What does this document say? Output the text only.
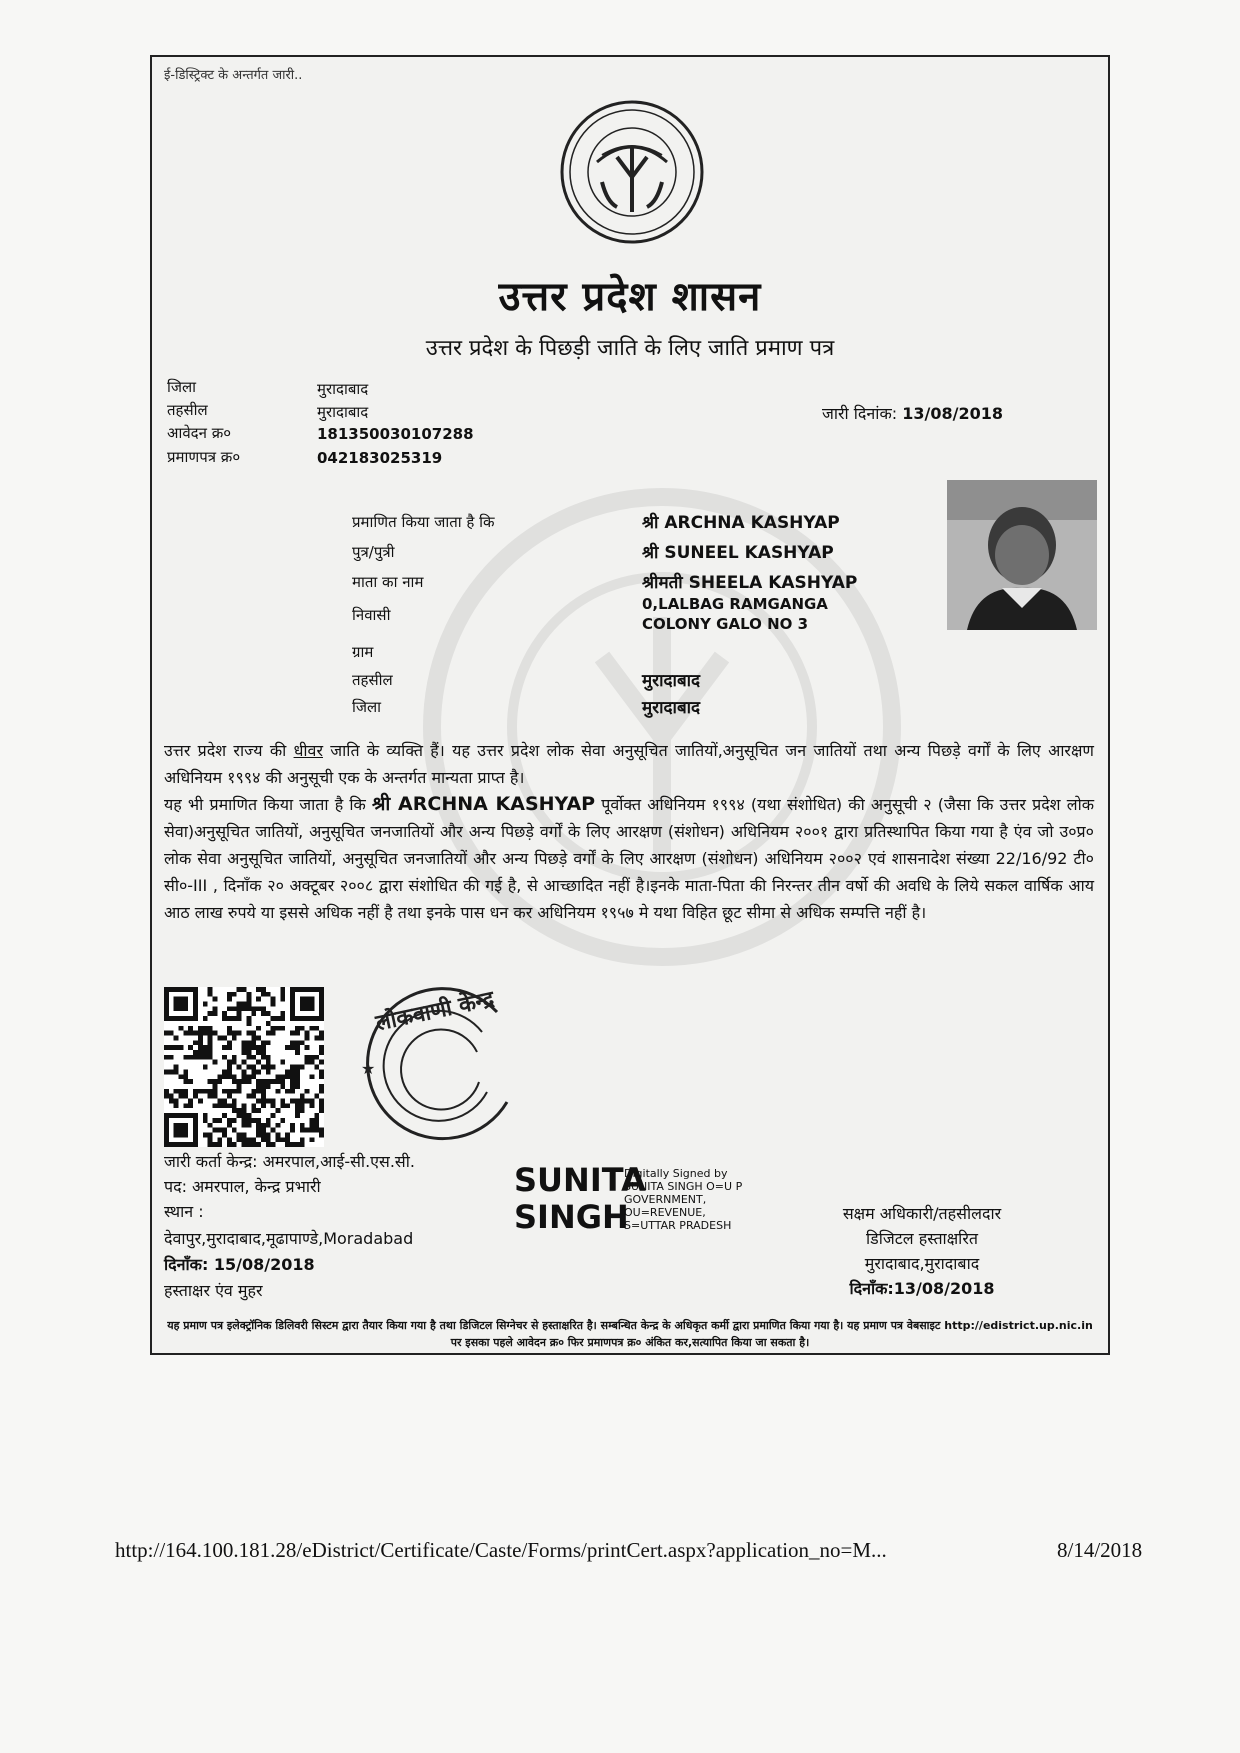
ई-डिस्ट्रिक्ट के अन्तर्गत जारी..
उत्तर प्रदेश शासन
उत्तर प्रदेश के पिछड़ी जाति के लिए जाति प्रमाण पत्र
जिला	मुरादाबाद
तहसील	मुरादाबाद
आवेदन क्र०	181350030107288
प्रमाणपत्र क्र०	042183025319
जारी दिनांक: 13/08/2018
प्रमाणित किया जाता है कि	श्री ARCHNA KASHYAP
पुत्र/पुत्री	श्री SUNEEL KASHYAP
माता का नाम	श्रीमती SHEELA KASHYAP
निवासी
0,LALBAG RAMGANGA
COLONY GALO NO 3
ग्राम
तहसील	मुरादाबाद
जिला	मुरादाबाद
उत्तर प्रदेश राज्य की धीवर जाति के व्यक्ति हैं। यह उत्तर प्रदेश लोक सेवा अनुसूचित जातियों,अनुसूचित जन जातियों तथा अन्य पिछड़े वर्गों के लिए आरक्षण अधिनियम १९९४ की अनुसूची एक के अन्तर्गत मान्यता प्राप्त है।
यह भी प्रमाणित किया जाता है कि श्री ARCHNA KASHYAP पूर्वोक्त अधिनियम १९९४ (यथा संशोधित) की अनुसूची २ (जैसा कि उत्तर प्रदेश लोक सेवा)अनुसूचित जातियों, अनुसूचित जनजातियों और अन्य पिछड़े वर्गों के लिए आरक्षण (संशोधन) अधिनियम २००१ द्वारा प्रतिस्थापित किया गया है एंव जो उ०प्र० लोक सेवा अनुसूचित जातियों, अनुसूचित जनजातियों और अन्य पिछड़े वर्गों के लिए आरक्षण (संशोधन) अधिनियम २००२ एवं शासनादेश संख्या 22/16/92 टी० सी०-III , दिनाँक २० अक्टूबर २००८ द्वारा संशोधित की गई है, से आच्छादित नहीं है।इनके माता-पिता की निरन्तर तीन वर्षो की अवधि के लिये सकल वार्षिक आय आठ लाख रुपये या इससे अधिक नहीं है तथा इनके पास धन कर अधिनियम १९५७ मे यथा विहित छूट सीमा से अधिक सम्पत्ति नहीं है।
लोकवाणी केन्द्र
★
जारी कर्ता केन्द्र: अमरपाल,आई-सी.एस.सी.
पद: अमरपाल, केन्द्र प्रभारी
स्थान :
देवापुर,मुरादाबाद,मूढापाण्डे,Moradabad
दिनाँक: 15/08/2018
हस्ताक्षर एंव मुहर
SUNITA
SINGH
Digitally Signed by
SUNITA SINGH O=U P
GOVERNMENT,
OU=REVENUE,
S=UTTAR PRADESH
सक्षम अधिकारी/तहसीलदार
डिजिटल हस्ताक्षरित
मुरादाबाद,मुरादाबाद
दिनाँक:13/08/2018
यह प्रमाण पत्र इलेक्ट्रॉनिक डिलिवरी सिस्टम द्वारा तैयार किया गया है तथा डिजिटल सिग्नेचर से हस्ताक्षरित है। सम्बन्धित केन्द्र के अधिकृत कर्मी द्वारा प्रमाणित किया गया है। यह प्रमाण पत्र वेबसाइट http://edistrict.up.nic.in पर इसका पहले आवेदन क्र० फिर प्रमाणपत्र क्र० अंकित कर,सत्यापित किया जा सकता है।
http://164.100.181.28/eDistrict/Certificate/Caste/Forms/printCert.aspx?application_no=M...	8/14/2018
